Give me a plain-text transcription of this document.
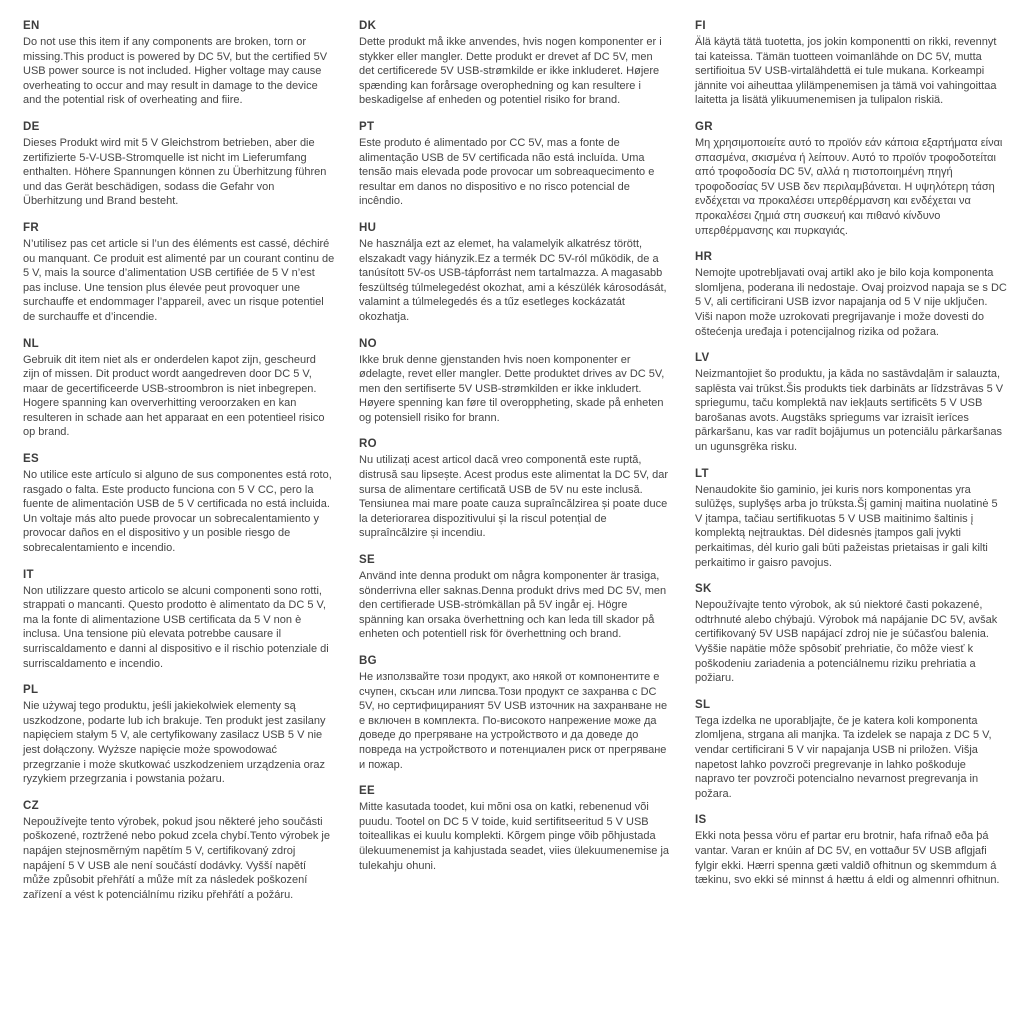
EN

Do not use this item if any components are broken, torn or missing.This product is powered by DC 5V, but the certified 5V USB power source is not included. Higher voltage may cause overheating to occur and may result in damage to the device and the potential risk of overheating and fiire.

DE

Dieses Produkt wird mit 5 V Gleichstrom betrieben, aber die zertifizierte 5-V-USB-Stromquelle ist nicht im Lieferumfang enthalten. Höhere Spannungen können zu Überhitzung führen und das Gerät beschädigen, sodass die Gefahr von Überhitzung und Brand besteht.

FR

N’utilisez pas cet article si l’un des éléments est cassé, déchiré ou manquant. Ce produit est alimenté par un courant continu de 5 V, mais la source d’alimentation USB certifiée de 5 V n’est pas incluse. Une tension plus élevée peut provoquer une surchauffe et endommager l’appareil, avec un risque potentiel de surchauffe et d’incendie.

NL

Gebruik dit item niet als er onderdelen kapot zijn, gescheurd zijn of missen. Dit product wordt aangedreven door DC 5 V, maar de gecertificeerde USB-stroombron is niet inbegrepen. Hogere spanning kan oververhitting veroorzaken en kan resulteren in schade aan het apparaat en een potentieel risico op brand.

ES

No utilice este artículo si alguno de sus componentes está roto, rasgado o falta. Este producto funciona con 5 V CC, pero la fuente de alimentación USB de 5 V certificada no está incluida. Un voltaje más alto puede provocar un sobrecalentamiento y provocar daños en el dispositivo y un posible riesgo de sobrecalentamiento e incendio.

IT

Non utilizzare questo articolo se alcuni componenti sono rotti, strappati o mancanti. Questo prodotto è alimentato da DC 5 V, ma la fonte di alimentazione USB certificata da 5 V non è inclusa. Una tensione più elevata potrebbe causare il surriscaldamento e danni al dispositivo e il rischio potenziale di surriscaldamento e incendio.

PL

Nie używaj tego produktu, jeśli jakiekolwiek elementy są uszkodzone, podarte lub ich brakuje. Ten produkt jest zasilany napięciem stałym 5 V, ale certyfikowany zasilacz USB 5 V nie jest dołączony. Wyższe napięcie może spowodować przegrzanie i może skutkować uszkodzeniem urządzenia oraz ryzykiem przegrzania i powstania pożaru.

CZ

Nepoužívejte tento výrobek, pokud jsou některé jeho součásti poškozené, roztržené nebo pokud zcela chybí.Tento výrobek je napájen stejnosměrným napětím 5 V, certifikovaný zdroj napájení 5 V USB ale není součástí dodávky. Vyšší napětí může způsobit přehřátí a může mít za následek poškození zařízení a vést k potenciálnímu riziku přehřátí a požáru.

DK

Dette produkt må ikke anvendes, hvis nogen komponenter er i stykker eller mangler. Dette produkt er drevet af DC 5V, men det certificerede 5V USB-strømkilde er ikke inkluderet. Højere spænding kan forårsage overophedning og kan resultere i beskadigelse af enheden og potentiel risiko for brand.

PT

Este produto é alimentado por CC 5V, mas a fonte de alimentação USB de 5V certificada não está incluída. Uma tensão mais elevada pode provocar um sobreaquecimento e resultar em danos no dispositivo e no risco potencial de incêndio.

HU

Ne használja ezt az elemet, ha valamelyik alkatrész törött, elszakadt vagy hiányzik.Ez a termék DC 5V-ról működik, de a tanúsított 5V-os USB-tápforrást nem tartalmazza. A magasabb feszültség túlmelegedést okozhat, ami a készülék károsodását, valamint a túlmelegedés és a tűz esetleges kockázatát okozhatja.

NO

Ikke bruk denne gjenstanden hvis noen komponenter er ødelagte, revet eller mangler. Dette produktet drives av DC 5V, men den sertifiserte 5V USB-strømkilden er ikke inkludert. Høyere spenning kan føre til overoppheting, skade på enheten og potensiell risiko for brann.

RO

Nu utilizați acest articol dacă vreo componentă este ruptă, distrusă sau lipsește. Acest produs este alimentat la DC 5V, dar sursa de alimentare certificată USB de 5V nu este inclusă. Tensiunea mai mare poate cauza supraîncălzirea și poate duce la deteriorarea dispozitivului și la riscul potențial de supraîncălzire și incendiu.

SE

Använd inte denna produkt om några komponenter är trasiga, sönderrivna eller saknas.Denna produkt drivs med DC 5V, men den certifierade USB-strömkällan på 5V ingår ej. Högre spänning kan orsaka överhettning och kan leda till skador på enheten och potentiell risk för överhettning och brand.

BG

Не използвайте този продукт, ако някой от компонентите е счупен, скъсан или липсва.Този продукт се захранва с DC 5V, но сертифицираният 5V USB източник на захранване не е включен в комплекта. По-високото напрежение може да доведе до прегряване на устройството и да доведе до повреда на устройството и потенциален риск от прегряване и пожар.

EE

Mitte kasutada toodet, kui mõni osa on katki, rebenenud või puudu. Tootel on DC 5 V toide, kuid sertifitseeritud 5 V USB toiteallikas ei kuulu komplekti. Kõrgem pinge võib põhjustada ülekuumenemist ja kahjustada seadet, viies ülekuumenemise ja tulekahju ohuni.

FI

Älä käytä tätä tuotetta, jos jokin komponentti on rikki, revennyt tai kateissa. Tämän tuotteen voimanlähde on DC 5V, mutta sertifioitua 5V USB-virtalähdettä ei tule mukana. Korkeampi jännite voi aiheuttaa ylilämpenemisen ja tämä voi vahingoittaa laitetta ja lisätä ylikuumenemisen ja tulipalon riskiä.

GR

Μη χρησιμοποιείτε αυτό το προϊόν εάν κάποια εξαρτήματα είναι σπασμένα, σκισμένα ή λείπουν. Αυτό το προϊόν τροφοδοτείται από τροφοδοσία DC 5V, αλλά η πιστοποιημένη πηγή τροφοδοσίας 5V USB δεν περιλαμβάνεται. Η υψηλότερη τάση ενδέχεται να προκαλέσει υπερθέρμανση και ενδέχεται να προκαλέσει ζημιά στη συσκευή και πιθανό κίνδυνο υπερθέρμανσης και πυρκαγιάς.

HR

Nemojte upotrebljavati ovaj artikl ako je bilo koja komponenta slomljena, poderana ili nedostaje. Ovaj proizvod napaja se s DC 5 V, ali certificirani USB izvor napajanja od 5 V nije uključen. Viši napon može uzrokovati pregrijavanje i može dovesti do oštećenja uređaja i potencijalnog rizika od požara.

LV

Neizmantojiet šo produktu, ja kāda no sastāvdaļām ir salauzta, saplēsta vai trūkst.Šis produkts tiek darbināts ar līdzstrāvas 5 V spriegumu, taču komplektā nav iekļauts sertificēts 5 V USB barošanas avots. Augstāks spriegums var izraisīt ierīces pārkaršanu, kas var radīt bojājumus un potenciālu pārkaršanas un ugunsgrēka risku.

LT

Nenaudokite šio gaminio, jei kuris nors komponentas yra sulūžęs, suplyšęs arba jo trūksta.Šį gaminį maitina nuolatinė 5 V įtampa, tačiau sertifikuotas 5 V USB maitinimo šaltinis į komplektą neįtrauktas. Dėl didesnės įtampos gali įvykti perkaitimas, dėl kurio gali būti pažeistas prietaisas ir gali kilti perkaitimo ir gaisro pavojus.

SK

Nepoužívajte tento výrobok, ak sú niektoré časti pokazené, odtrhnuté alebo chýbajú. Výrobok má napájanie DC 5V, avšak certifikovaný 5V USB napájací zdroj nie je súčasťou balenia. Vyššie napätie môže spôsobiť prehriatie, čo môže viesť k poškodeniu zariadenia a potenciálnemu riziku prehriatia a požiaru.

SL

Tega izdelka ne uporabljajte, če je katera koli komponenta zlomljena, strgana ali manjka. Ta izdelek se napaja z DC 5 V, vendar certificirani 5 V vir napajanja USB ni priložen. Višja napetost lahko povzroči pregrevanje in lahko poškoduje napravo ter povzroči potencialno nevarnost pregrevanja in požara.

IS

Ekki nota þessa vöru ef partar eru brotnir, hafa rifnað eða þá vantar. Varan er knúin af DC 5V, en vottaður 5V USB aflgjafi fylgir ekki. Hærri spenna gæti valdið ofhitnun og skemmdum á tækinu, svo ekki sé minnst á hættu á eldi og almennri ofhitnun.
